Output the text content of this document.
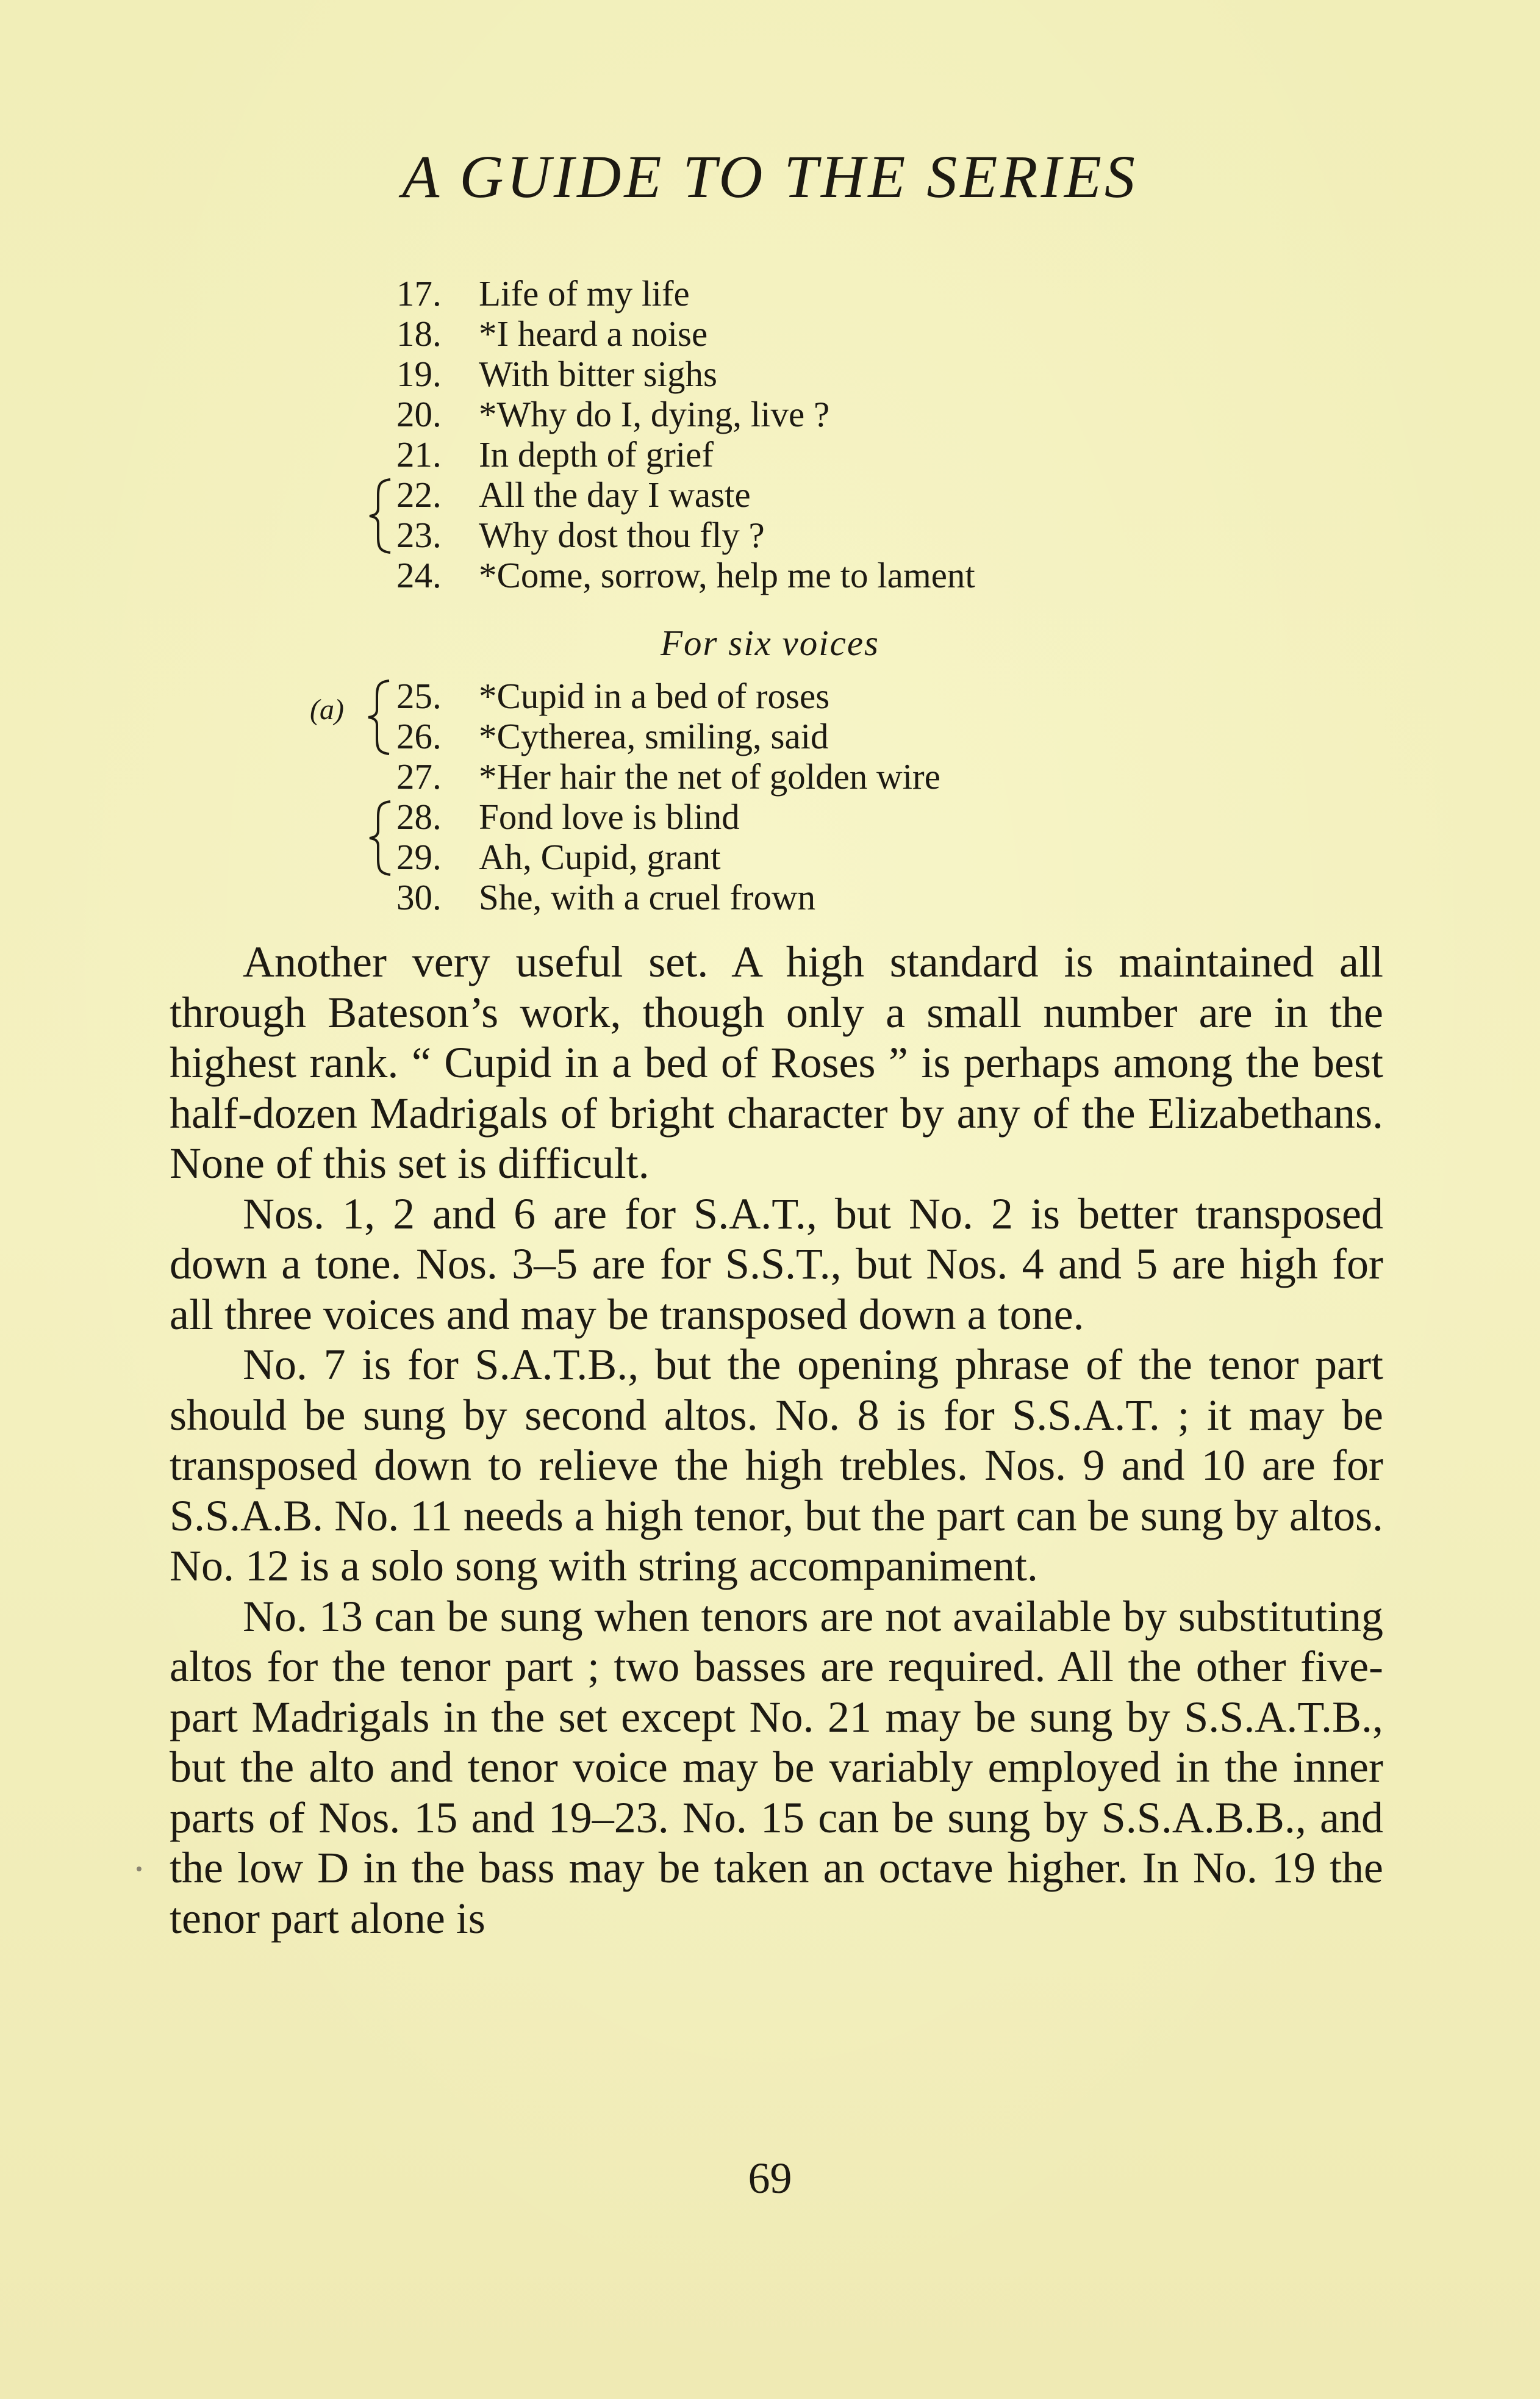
A GUIDE TO THE SERIES
17.	Life of my life
18.	*I heard a noise
19.	With bitter sighs
20.	*Why do I, dying, live ?
21.	In depth of grief
22.	All the day I waste
23.	Why dost thou fly ?
24.	*Come, sorrow, help me to lament
For six voices
25.	*Cupid in a bed of roses
26.	*Cytherea, smiling, said
27.	*Her hair the net of golden wire
28.	Fond love is blind
29.	Ah, Cupid, grant
30.	She, with a cruel frown
(a)

Another very useful set. A high standard is maintained all through Bateson’s work, though only a small number are in the highest rank. “ Cupid in a bed of Roses ” is perhaps among the best half-dozen Madrigals of bright character by any of the Elizabethans. None of this set is difficult.

Nos. 1, 2 and 6 are for S.A.T., but No. 2 is better transposed down a tone. Nos. 3–5 are for S.S.T., but Nos. 4 and 5 are high for all three voices and may be transposed down a tone.

No. 7 is for S.A.T.B., but the opening phrase of the tenor part should be sung by second altos. No. 8 is for S.S.A.T. ; it may be transposed down to relieve the high trebles. Nos. 9 and 10 are for S.S.A.B. No. 11 needs a high tenor, but the part can be sung by altos. No. 12 is a solo song with string accompaniment.

No. 13 can be sung when tenors are not available by substituting altos for the tenor part ; two basses are required. All the other five-part Madrigals in the set except No. 21 may be sung by S.S.A.T.B., but the alto and tenor voice may be variably employed in the inner parts of Nos. 15 and 19–23. No. 15 can be sung by S.S.A.B.B., and the low D in the bass may be taken an octave higher. In No. 19 the tenor part alone is

69
